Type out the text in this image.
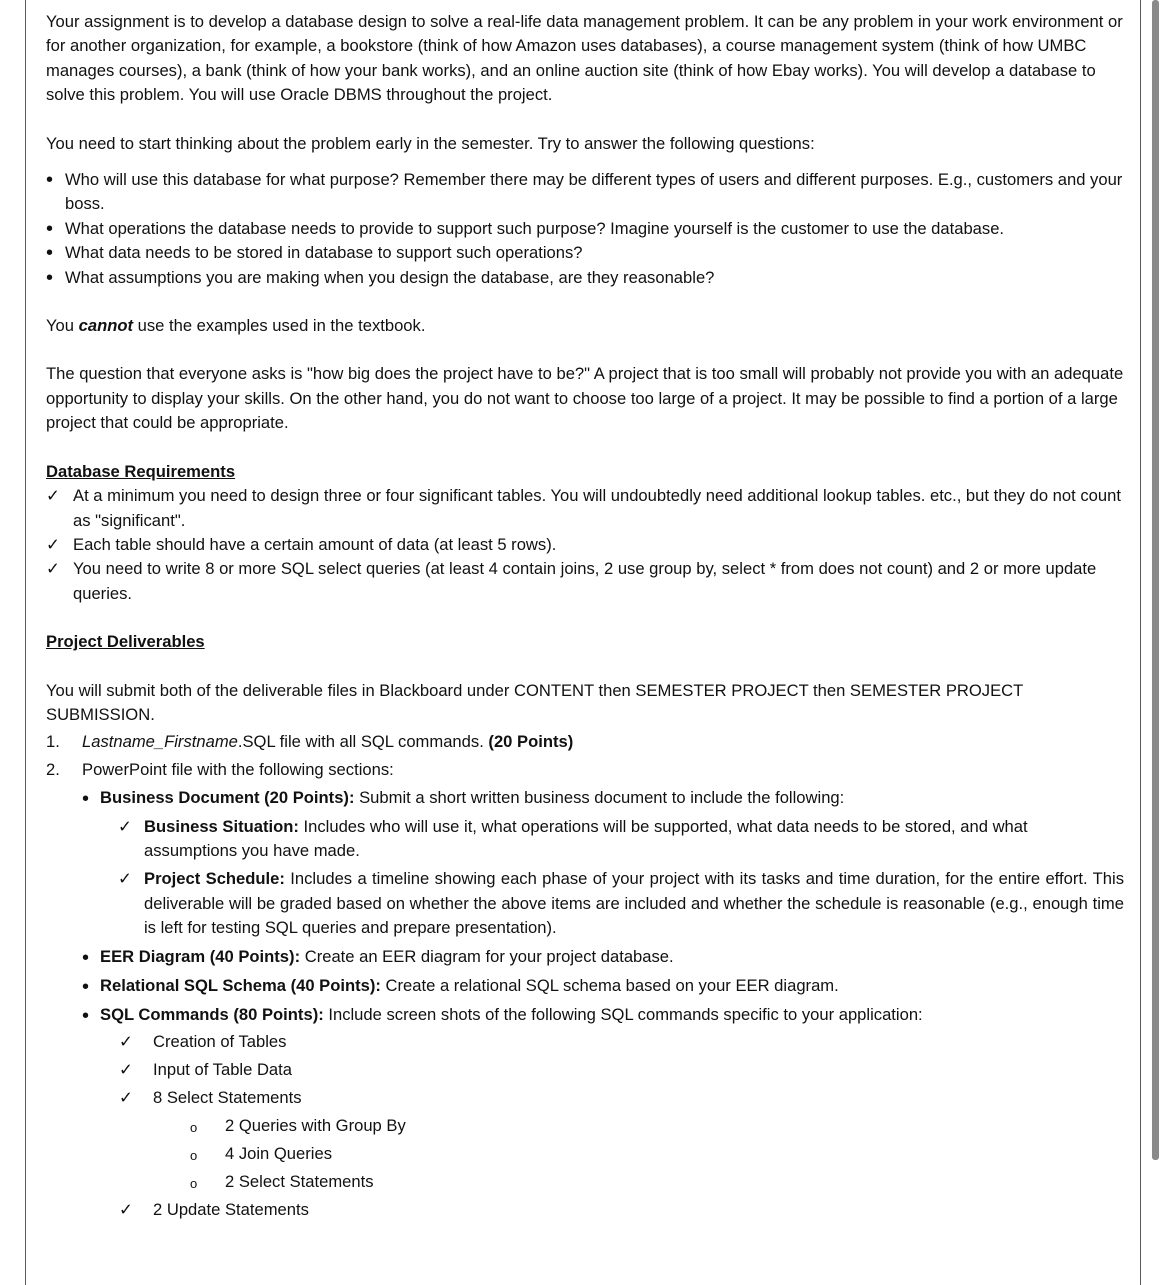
Your assignment is to develop a database design to solve a real-life data management problem. It can be any problem in your work environment or for another organization, for example, a bookstore (think of how Amazon uses databases), a course management system (think of how UMBC manages courses), a bank (think of how your bank works), and an online auction site (think of how Ebay works). You will develop a database to solve this problem. You will use Oracle DBMS throughout the project.

You need to start thinking about the problem early in the semester. Try to answer the following questions:

• Who will use this database for what purpose? Remember there may be different types of users and different purposes. E.g., customers and your boss.
• What operations the database needs to provide to support such purpose? Imagine yourself is the customer to use the database.
• What data needs to be stored in database to support such operations?
• What assumptions you are making when you design the database, are they reasonable?

You cannot use the examples used in the textbook.

The question that everyone asks is "how big does the project have to be?" A project that is too small will probably not provide you with an adequate opportunity to display your skills. On the other hand, you do not want to choose too large of a project. It may be possible to find a portion of a large project that could be appropriate.

Database Requirements

✓ At a minimum you need to design three or four significant tables. You will undoubtedly need additional lookup tables. etc., but they do not count as "significant".
✓ Each table should have a certain amount of data (at least 5 rows).
✓ You need to write 8 or more SQL select queries (at least 4 contain joins, 2 use group by, select * from does not count) and 2 or more update queries.

Project Deliverables

You will submit both of the deliverable files in Blackboard under CONTENT then SEMESTER PROJECT then SEMESTER PROJECT SUBMISSION.

1. Lastname_Firstname.SQL file with all SQL commands. (20 Points)
2. PowerPoint file with the following sections:
• Business Document (20 Points): Submit a short written business document to include the following:
✓ Business Situation: Includes who will use it, what operations will be supported, what data needs to be stored, and what assumptions you have made.
✓ Project Schedule: Includes a timeline showing each phase of your project with its tasks and time duration, for the entire effort. This deliverable will be graded based on whether the above items are included and whether the schedule is reasonable (e.g., enough time is left for testing SQL queries and prepare presentation).
• EER Diagram (40 Points): Create an EER diagram for your project database.
• Relational SQL Schema (40 Points): Create a relational SQL schema based on your EER diagram.
• SQL Commands (80 Points): Include screen shots of the following SQL commands specific to your application:
✓ Creation of Tables
✓ Input of Table Data
✓ 8 Select Statements
o 2 Queries with Group By
o 4 Join Queries
o 2 Select Statements
✓ 2 Update Statements
